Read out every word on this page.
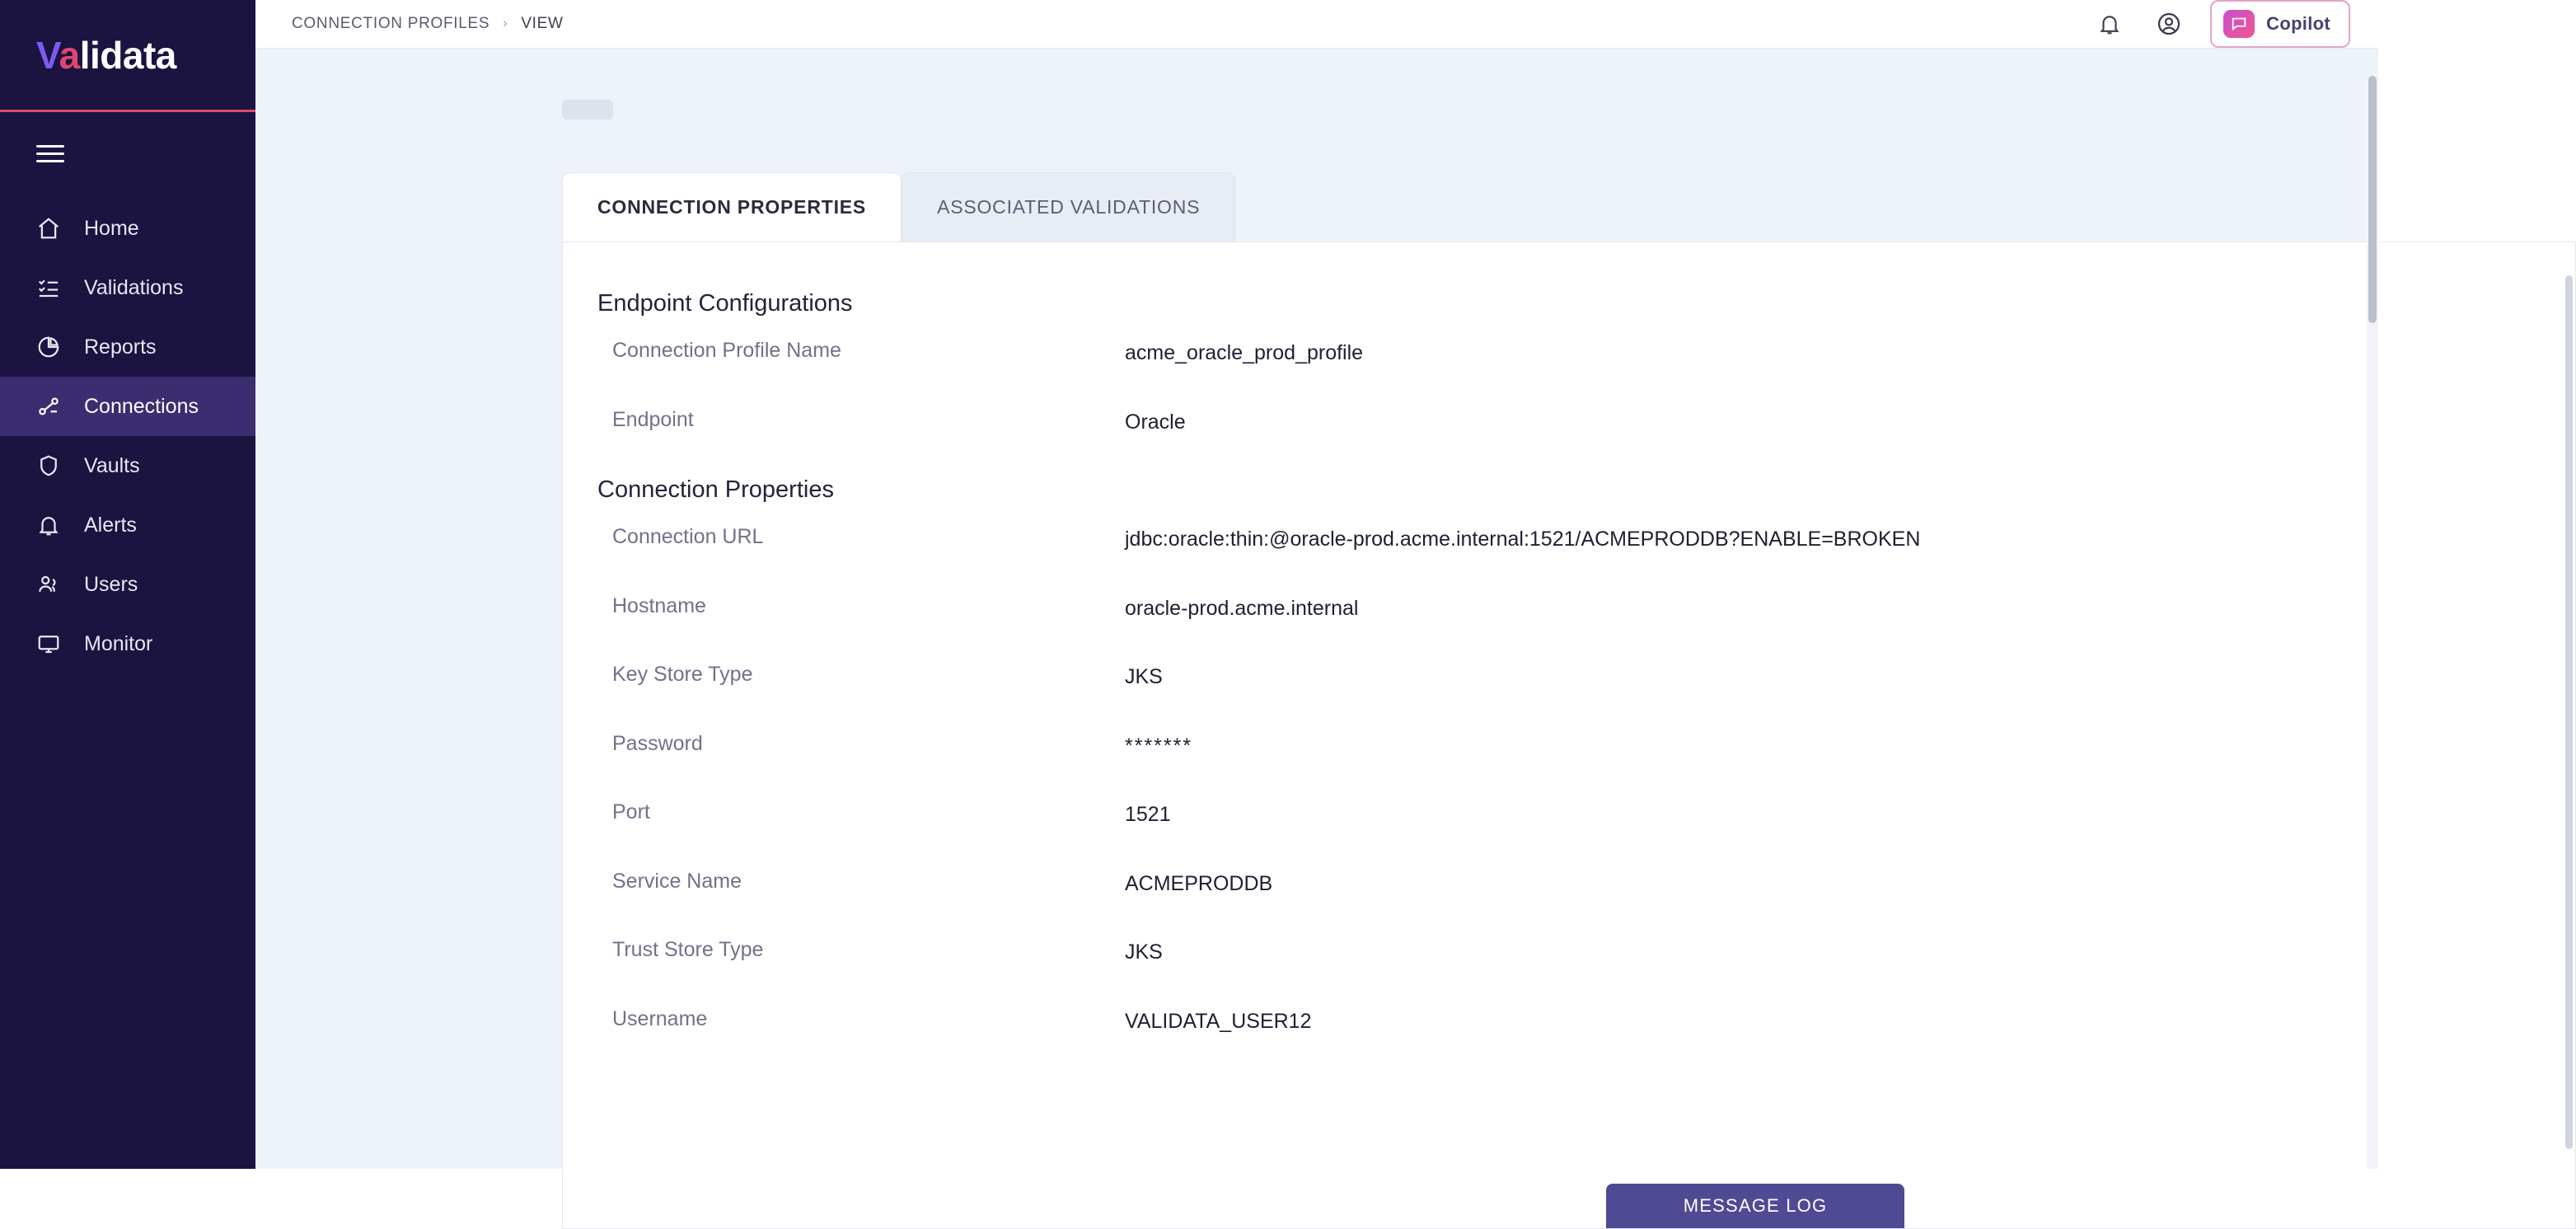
Validata
Home
Validations
Reports
Connections
Vaults
Alerts
Users
Monitor
CONNECTION PROFILES › VIEW	Copilot
CONNECTION PROPERTIES	ASSOCIATED VALIDATIONS
Endpoint Configurations
Connection Profile Name	acme_oracle_prod_profile
Endpoint	Oracle
Connection Properties
Connection URL	jdbc:oracle:thin:@oracle-prod.acme.internal:1521/ACMEPRODDB?ENABLE=BROKEN
Hostname	oracle-prod.acme.internal
Key Store Type	JKS
Password	*******
Port	1521
Service Name	ACMEPRODDB
Trust Store Type	JKS
Username	VALIDATA_USER12
MESSAGE LOG
